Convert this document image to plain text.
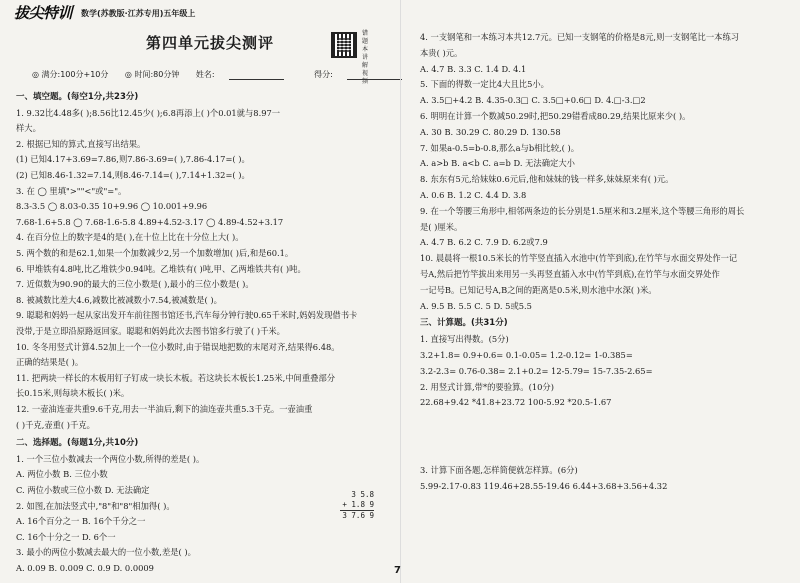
拔尖特训 数学(苏教版·江苏专用)五年级上
第四单元拔尖测评
错题本 讲解视频
◎ 满分:100分+10分 ◎ 时间:80分钟 姓名:	得分:
一、填空题。(每空1分,共23分)
1. 9.32比4.48多( );8.56比12.45少( );6.8再添上( )个0.01就与8.97一
样大。
2. 根据已知的算式,直接写出结果。
(1) 已知4.17+3.69=7.86,则7.86-3.69=( ),7.86-4.17=( )。
(2) 已知8.46-1.32=7.14,则8.46-7.14=( ),7.14+1.32=( )。
3. 在 ◯ 里填">""<"或"="。
8.3-3.5 ◯ 8.03-0.35 10+9.96 ◯ 10.001+9.96
7.68-1.6+5.8 ◯ 7.68-1.6-5.8 4.89+4.52-3.17 ◯ 4.89-4.52+3.17
4. 在百分位上的数字是4的是( ),在十位上比在十分位上大( )。
5. 两个数的和是62.1,如果一个加数减少2,另一个加数增加( )后,和是60.1。
6. 甲堆铁有4.8吨,比乙堆铁少0.94吨。乙堆铁有( )吨,甲、乙两堆铁共有( )吨。
7. 近似数为90.90的最大的三位小数是( ),最小的三位小数是( )。
8. 被减数比差大4.6,减数比被减数小7.54,被减数是( )。
9. 聪聪和妈妈一起从家出发开车前往图书馆还书,汽车每分钟行驶0.65千米时,妈妈发现借书卡
没带,于是立即沿原路返回家。聪聪和妈妈此次去图书馆多行驶了( )千米。
10. 冬冬用竖式计算4.52加上一个一位小数时,由于错误地把数的末尾对齐,结果得6.48。
正确的结果是( )。
11. 把两块一样长的木板用钉子钉成一块长木板。若这块长木板长1.25米,中间重叠部分
长0.15米,则每块木板长( )米。
12. 一壶油连壶共重9.6千克,用去一半油后,剩下的油连壶共重5.3千克。一壶油重
( )千克,壶重( )千克。
二、选择题。(每题1分,共10分)
1. 一个三位小数减去一个两位小数,所得的差是( )。
A. 两位小数 B. 三位小数
C. 两位小数或三位小数 D. 无法确定
2. 如图,在加法竖式中,"8"和"8"相加得( )。
A. 16个百分之一 B. 16个千分之一
C. 16个十分之一 D. 6个一
3. 最小的两位小数减去最大的一位小数,差是( )。
A. 0.09 B. 0.009 C. 0.9 D. 0.0009
4. 一支钢笔和一本练习本共12.7元。已知一支钢笔的价格是8元,则一支钢笔比一本练习
本贵( )元。
A. 4.7 B. 3.3 C. 1.4 D. 4.1
5. 下面的得数一定比4大且比5小。
A. 3.5□+4.2 B. 4.35-0.3□ C. 3.5□+0.6□ D. 4.□-3.□2
6. 明明在计算一个数减50.29时,把50.29错看成80.29,结果比原来少( )。
A. 30 B. 30.29 C. 80.29 D. 130.58
7. 如果a-0.5=b-0.8,那么a与b相比较,( )。
A. a>b B. a<b C. a=b D. 无法确定大小
8. 东东有5元,给妹妹0.6元后,他和妹妹的钱一样多,妹妹原来有( )元。
A. 0.6 B. 1.2 C. 4.4 D. 3.8
9. 在一个等腰三角形中,相邻两条边的长分别是1.5厘米和3.2厘米,这个等腰三角形的周长
是( )厘米。
A. 4.7 B. 6.2 C. 7.9 D. 6.2或7.9
10. 晨晨将一根10.5米长的竹竿竖直插入水池中(竹竿到底),在竹竿与水面交界处作一记
号A,然后把竹竿拔出来用另一头再竖直插入水中(竹竿到底),在竹竿与水面交界处作
一记号B。已知记号A,B之间的距离是0.5米,则水池中水深( )米。
A. 9.5 B. 5.5 C. 5 D. 5或5.5
三、计算题。(共31分)
1. 直接写出得数。(5分)
3.2+1.8= 0.9+0.6= 0.1-0.05= 1.2-0.12= 1-0.385=
3.2-2.3= 0.76-0.38= 2.1+0.2= 12-5.79= 15-7.35-2.65=
2. 用竖式计算,带*的要验算。(10分)
22.68+9.42 *41.8+23.72 100-5.92 *20.5-1.67
3. 计算下面各题,怎样简便就怎样算。(6分)
5.99-2.17-0.83 119.46+28.55-19.46 6.44+3.68+3.56+4.32
3 5.8
+ 1.8 9
3 7.6 9
7
